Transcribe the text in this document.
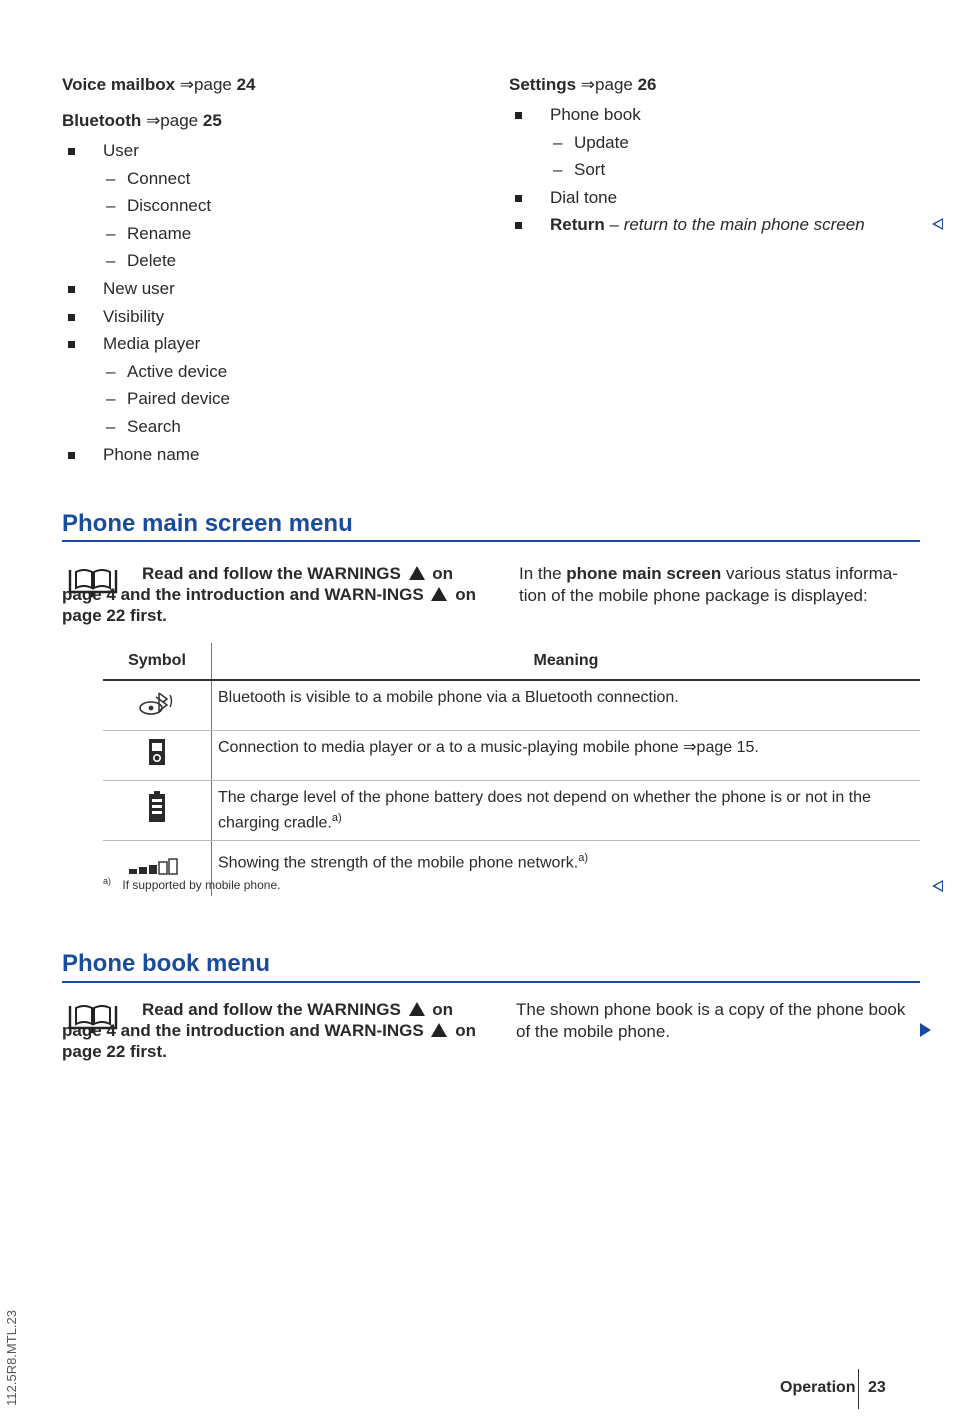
112.5R8.MTL.23
Voice mailbox ⇒page 24
Bluetooth ⇒page 25
User
– Connect
– Disconnect
– Rename
– Delete
New user
Visibility
Media player
– Active device
– Paired device
– Search
Phone name
Settings ⇒page 26
Phone book
– Update
– Sort
Dial tone
Return – return to the main phone screen
Phone main screen menu
Read and follow the WARNINGS ! on page 4 and the introduction and WARN-INGS ! on page 22 first.
In the phone main screen various status informa-tion of the mobile phone package is displayed:
Symbol	Meaning
	Bluetooth is visible to a mobile phone via a Bluetooth connection.
	Connection to media player or a to a music-playing mobile phone ⇒page 15.
	The charge level of the phone battery does not depend on whether the phone is or not in the charging cradle.$^{a)}$
	Showing the strength of the mobile phone network.$^{a)}$
$^{a)}$ If supported by mobile phone.
Phone book menu
Read and follow the WARNINGS ! on page 4 and the introduction and WARN-INGS ! on page 22 first.
The shown phone book is a copy of the phone book of the mobile phone.
Operation 23
